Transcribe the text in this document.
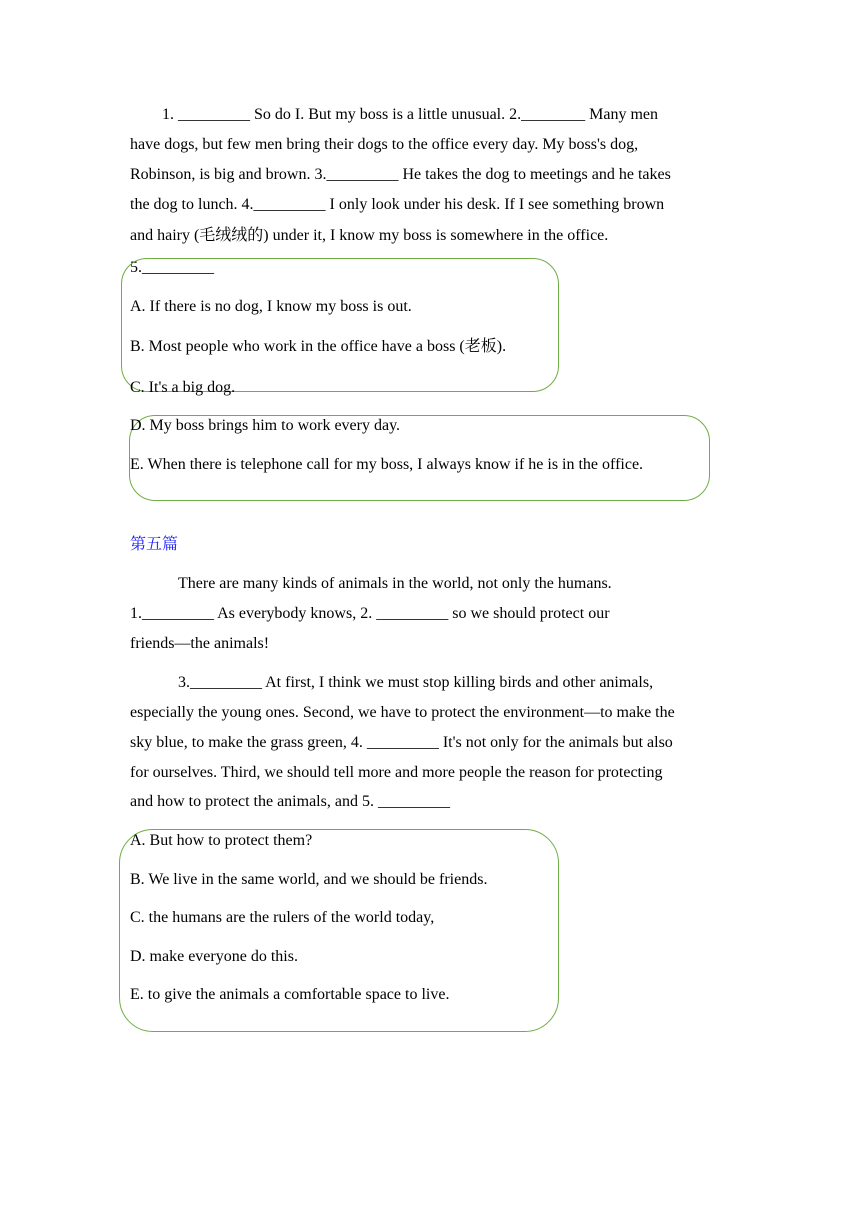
1. _________ So do I. But my boss is a little unusual. 2.________ Many men
have dogs, but few men bring their dogs to the office every day. My boss's dog,
Robinson, is big and brown. 3._________ He takes the dog to meetings and he takes
the dog to lunch. 4._________ I only look under his desk. If I see something brown
and hairy (毛绒绒的) under it, I know my boss is somewhere in the office.
5._________
A. If there is no dog, I know my boss is out.
B. Most people who work in the office have a boss (老板).
C. It's a big dog.
D. My boss brings him to work every day.
E. When there is telephone call for my boss, I always know if he is in the office.
第五篇
There are many kinds of animals in the world, not only the humans.
1._________ As everybody knows, 2. _________ so we should protect our
friends—the animals!
3._________ At first, I think we must stop killing birds and other animals,
especially the young ones. Second, we have to protect the environment—to make the
sky blue, to make the grass green, 4. _________ It's not only for the animals but also
for ourselves. Third, we should tell more and more people the reason for protecting
and how to protect the animals, and 5. _________
A. But how to protect them?
B. We live in the same world, and we should be friends.
C. the humans are the rulers of the world today,
D. make everyone do this.
E. to give the animals a comfortable space to live.
